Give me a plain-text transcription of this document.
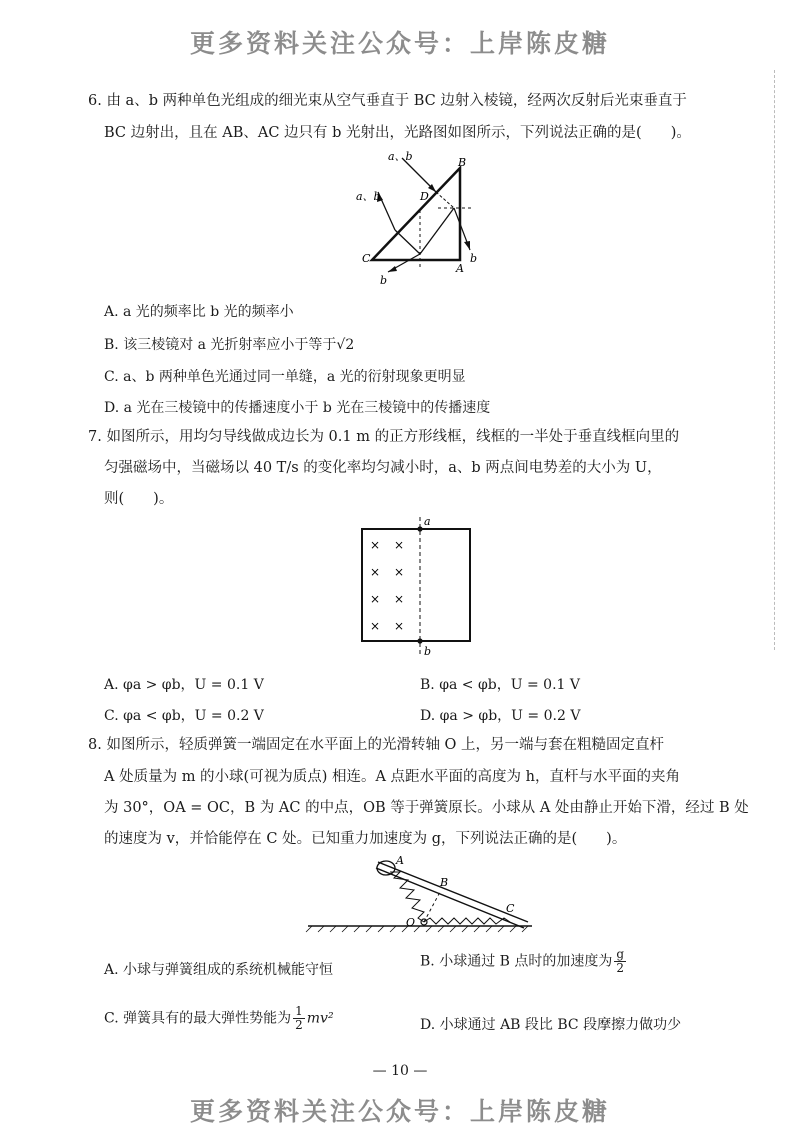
更多资料关注公众号：上岸陈皮糖
更多资料关注公众号：上岸陈皮糖
6. 由 a、b 两种单色光组成的细光束从空气垂直于 BC 边射入棱镜，经两次反射后光束垂直于
BC 边射出，且在 AB、AC 边只有 b 光射出，光路图如图所示，下列说法正确的是(　　)。
a、b
a、b
B
D
C
A
b
b
A. a 光的频率比 b 光的频率小
B. 该三棱镜对 a 光折射率应小于等于√2
C. a、b 两种单色光通过同一单缝，a 光的衍射现象更明显
D. a 光在三棱镜中的传播速度小于 b 光在三棱镜中的传播速度
7. 如图所示，用均匀导线做成边长为 0.1 m 的正方形线框，线框的一半处于垂直线框向里的
匀强磁场中，当磁场以 40 T/s 的变化率均匀减小时，a、b 两点间电势差的大小为 U，
则(　　)。
a
b
× ×
× ×
× ×
× ×
A. φa > φb，U = 0.1 V	B. φa < φb，U = 0.1 V
C. φa < φb，U = 0.2 V	D. φa > φb，U = 0.2 V
8. 如图所示，轻质弹簧一端固定在水平面上的光滑转轴 O 上，另一端与套在粗糙固定直杆
A 处质量为 m 的小球(可视为质点) 相连。A 点距水平面的高度为 h，直杆与水平面的夹角
为 30°，OA = OC，B 为 AC 的中点，OB 等于弹簧原长。小球从 A 处由静止开始下滑，经过 B 处
的速度为 v，并恰能停在 C 处。已知重力加速度为 g，下列说法正确的是(　　)。
A
B
C
O
A. 小球与弹簧组成的系统机械能守恒
B. 小球通过 B 点时的加速度为 $\frac{g}{2}$
C. 弹簧具有的最大弹性势能为 $\frac{1}{2} mv^2$	D. 小球通过 AB 段比 BC 段摩擦力做功少
— 10 —
